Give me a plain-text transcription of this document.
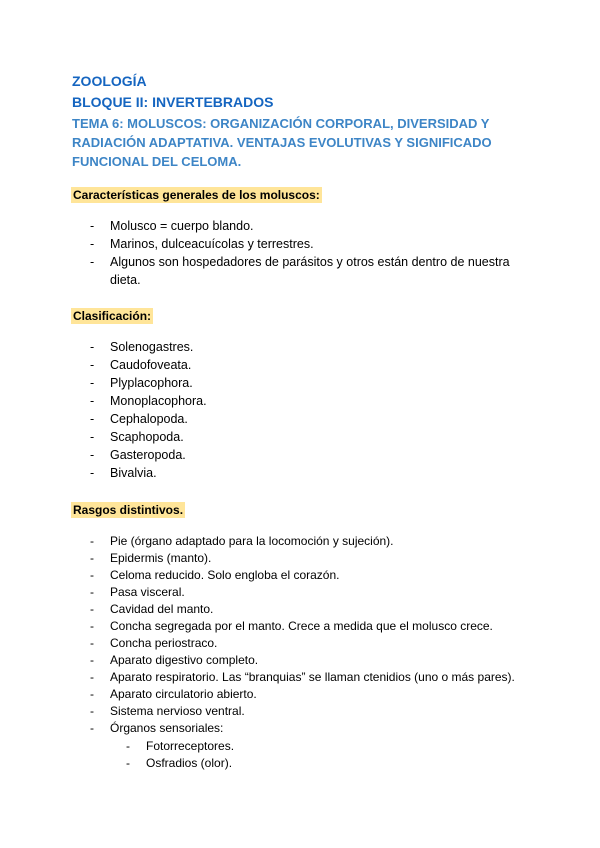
ZOOLOGÍA
BLOQUE II: INVERTEBRADOS
TEMA 6: MOLUSCOS: ORGANIZACIÓN CORPORAL, DIVERSIDAD Y RADIACIÓN ADAPTATIVA. VENTAJAS EVOLUTIVAS Y SIGNIFICADO FUNCIONAL DEL CELOMA.
Características generales de los moluscos:
- Molusco = cuerpo blando.
- Marinos, dulceacuícolas y terrestres.
- Algunos son hospedadores de parásitos y otros están dentro de nuestra dieta.
Clasificación:
- Solenogastres.
- Caudofoveata.
- Plyplacophora.
- Monoplacophora.
- Cephalopoda.
- Scaphopoda.
- Gasteropoda.
- Bivalvia.
Rasgos distintivos.
- Pie (órgano adaptado para la locomoción y sujeción).
- Epidermis (manto).
- Celoma reducido. Solo engloba el corazón.
- Pasa visceral.
- Cavidad del manto.
- Concha segregada por el manto. Crece a medida que el molusco crece.
- Concha periostraco.
- Aparato digestivo completo.
- Aparato respiratorio. Las “branquias” se llaman ctenidios (uno o más pares).
- Aparato circulatorio abierto.
- Sistema nervioso ventral.
- Órganos sensoriales:
- Fotorreceptores.
- Osfradios (olor).
